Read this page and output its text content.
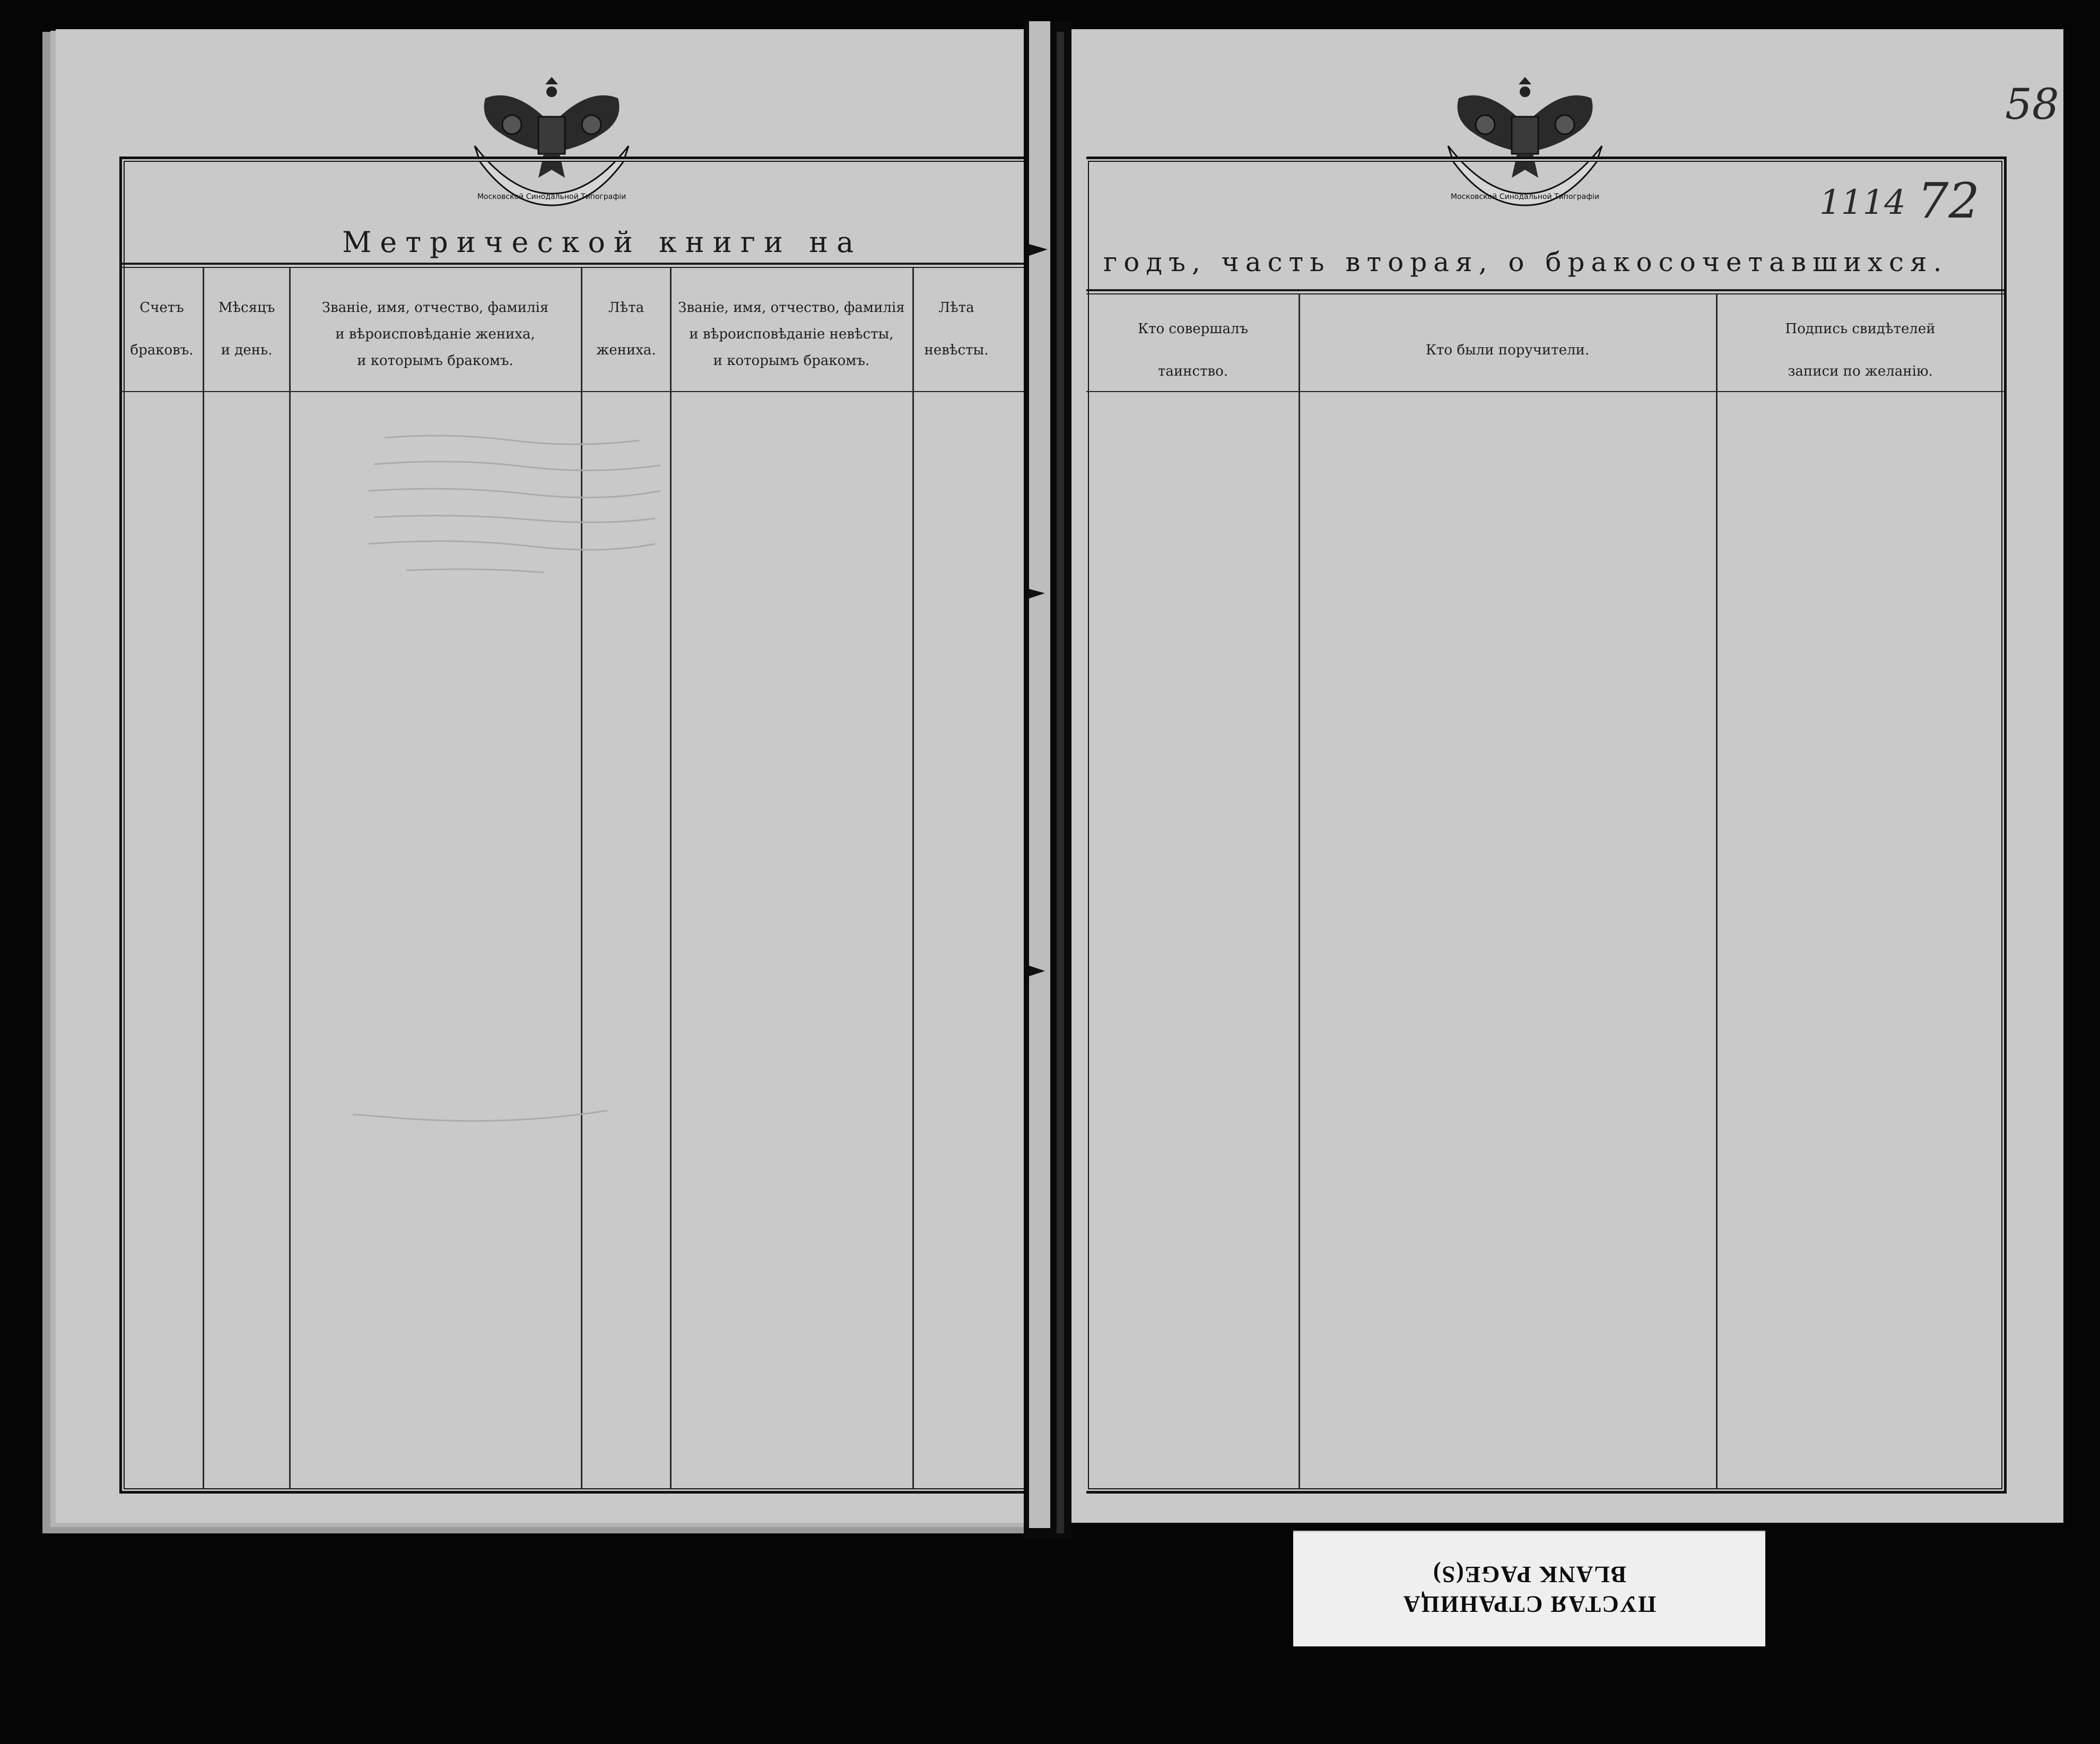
Московской Синодальной Типографіи
Метрической книги на
Счетъ
браковъ.
Мѣсяцъ
и день.
Званіе, имя, отчество, фамилія
и вѣроисповѣданіе жениха,
и которымъ бракомъ.
Лѣта
жениха.
Званіе, имя, отчество, фамилія
и вѣроисповѣданіе невѣсты,
и которымъ бракомъ.
Лѣта
невѣсты.
Московской Синодальной Типографіи
58
1114 72
годъ, часть вторая, о бракосочетавшихся.
Кто совершалъ
таинство.
Кто были поручители.
Подпись свидѣтелей
записи по желанію.
ПУСТАЯ СТРАНИЦА
BLANK PAGE(S)
